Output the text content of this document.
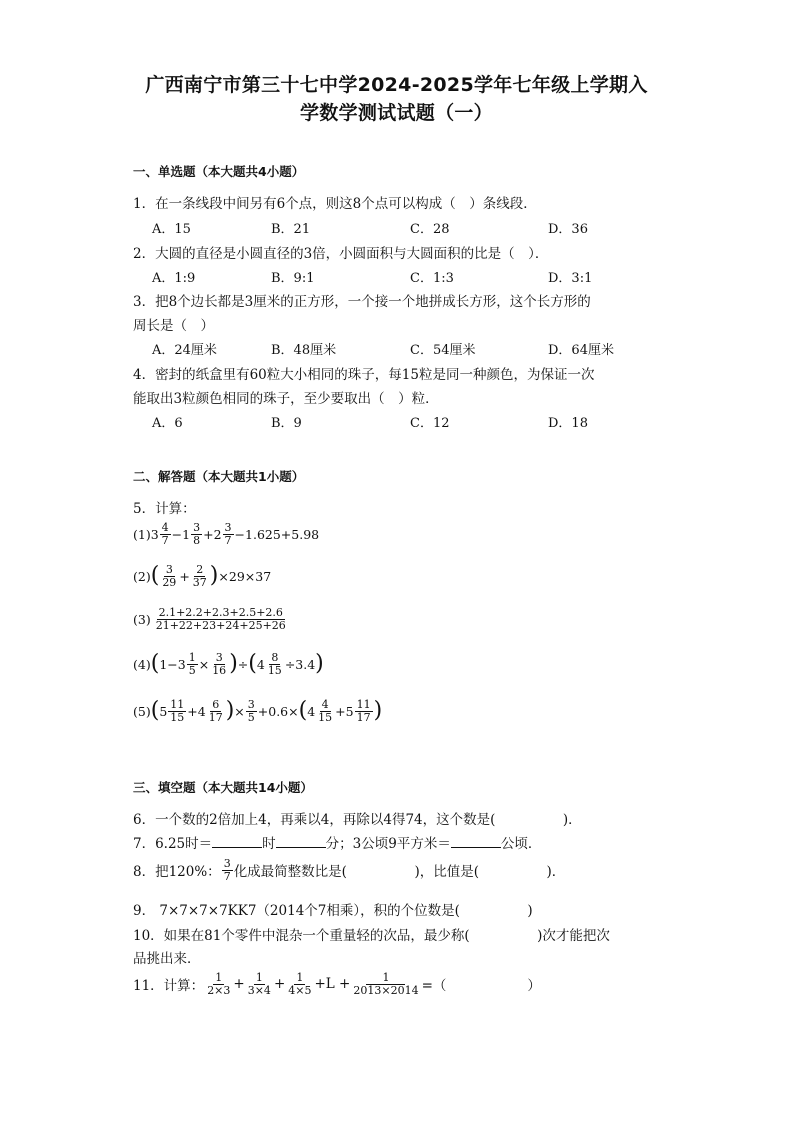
广西南宁市第三十七中学2024-2025学年七年级上学期入
学数学测试试题（一）
一、单选题（本大题共4小题）
1．在一条线段中间另有6个点，则这8个点可以构成（　）条线段．
A．15	B．21	C．28	D．36
2．大圆的直径是小圆直径的3倍，小圆面积与大圆面积的比是（　）．
A．1:9	B．9:1	C．1:3	D．3:1
3．把8个边长都是3厘米的正方形，一个接一个地拼成长方形，这个长方形的
周长是（　）
A．24厘米	B．48厘米	C．54厘米	D．64厘米
4．密封的纸盒里有60粒大小相同的珠子，每15粒是同一种颜色，为保证一次
能取出3粒颜色相同的珠子，至少要取出（　）粒．
A．6	B．9	C．12	D．18
二、解答题（本大题共1小题）
5．计算：
(1) $3 \frac{4}{7} - 1 \frac{3}{8} + 2 \frac{3}{7} -1.625+5.98$
(2) ( $\frac{3}{29} + \frac{2}{37}$ ) ×29×37
$(3) \frac{2.1+2.2+2.3+2.5+2.6}{21+22+23+24+25+26}$
(4) ( $1- 3 \frac{1}{5} \times \frac{3}{16}$ ) ÷ ( $4 \frac{8}{15} \div 3.4$ )
(5) ( $5 \frac{11}{15} + 4 \frac{6}{17}$ ) × $\frac{3}{5} +0.6\times$ ( $4 \frac{4}{15} + 5 \frac{11}{17}$ )
三、填空题（本大题共14小题）
6．一个数的2倍加上4，再乘以4，再除以4得74，这个数是(　　　　　)．
7．6.25时＝	时	分；3公顷9平方米＝	公顷．
8．把120%： $\frac{3}{7}$ 化成最简整数比是(　　　　　)，比值是(　　　　　)．
9． 7×7×7×7KK7（2014个7相乘），积的个位数是(　　　　　)
10．如果在81个零件中混杂一个重量轻的次品，最少称(　　　　　)次才能把次
品挑出来．
11．计算： $\frac{1}{2\times 3} + \frac{1}{3\times 4} + \frac{1}{4\times 5} +L + \frac{1}{2013\times 2014}$ =（　　　　　　）
